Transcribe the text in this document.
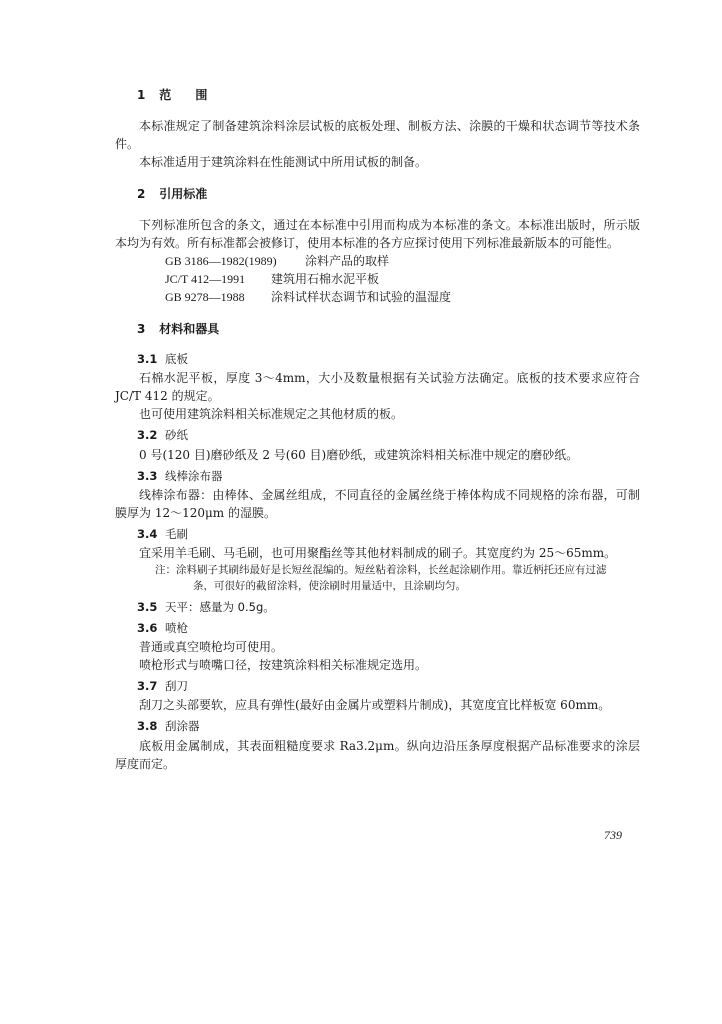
1 范 围

本标准规定了制备建筑涂料涂层试板的底板处理、制板方法、涂膜的干燥和状态调节等技术条件。

本标准适用于建筑涂料在性能测试中所用试板的制备。

2 引用标准

下列标准所包含的条文，通过在本标准中引用而构成为本标准的条文。本标准出版时，所示版本均为有效。所有标准都会被修订，使用本标准的各方应探讨使用下列标准最新版本的可能性。

GB 3186—1982(1989) 涂料产品的取样

JC/T 412—1991 建筑用石棉水泥平板

GB 9278—1988 涂料试样状态调节和试验的温湿度

3 材料和器具
3.1 底板

石棉水泥平板，厚度 3～4mm，大小及数量根据有关试验方法确定。底板的技术要求应符合 JC/T 412 的规定。

也可使用建筑涂料相关标准规定之其他材质的板。

3.2 砂纸

0 号(120 目)磨砂纸及 2 号(60 目)磨砂纸，或建筑涂料相关标准中规定的磨砂纸。

3.3 线棒涂布器

线棒涂布器：由棒体、金属丝组成，不同直径的金属丝绕于棒体构成不同规格的涂布器，可制膜厚为 12～120μm 的湿膜。

3.4 毛刷

宜采用羊毛刷、马毛刷，也可用聚酯丝等其他材料制成的刷子。其宽度约为 25～65mm。

注：涂料刷子其刷纬最好是长短丝混编的。短丝粘着涂料，长丝起涂刷作用。靠近柄托还应有过滤
条，可很好的截留涂料，使涂刷时用量适中，且涂刷均匀。
3.5 天平：感量为 0.5g。
3.6 喷枪

普通或真空喷枪均可使用。

喷枪形式与喷嘴口径，按建筑涂料相关标准规定选用。

3.7 刮刀

刮刀之头部要软，应具有弹性(最好由金属片或塑料片制成)，其宽度宜比样板宽 60mm。

3.8 刮涂器

底板用金属制成，其表面粗糙度要求 Ra3.2μm。纵向边沿压条厚度根据产品标准要求的涂层厚度而定。

739
